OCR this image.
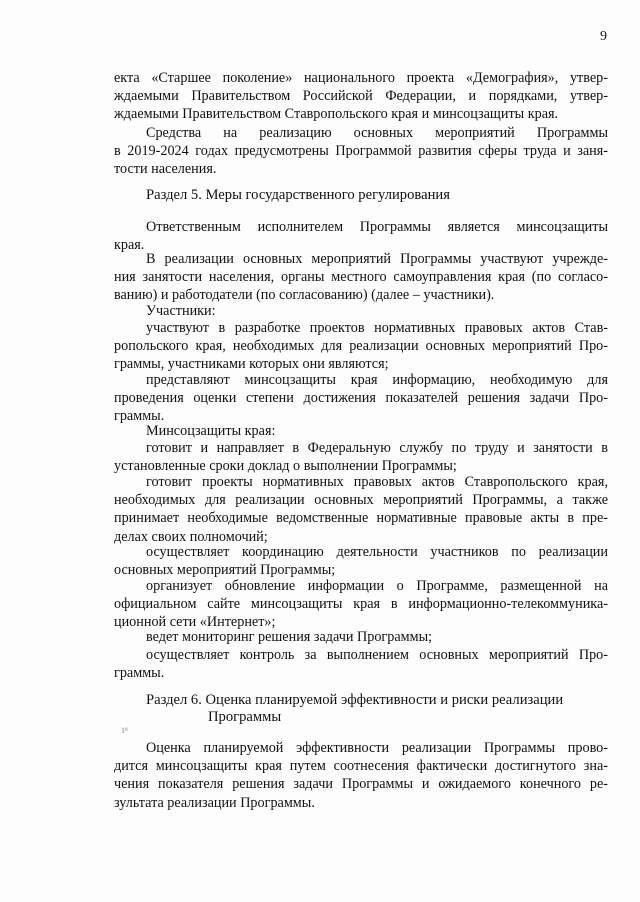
9
екта «Старшее поколение» национального проекта «Демография», утвер-
ждаемыми Правительством Российской Федерации, и порядками, утвер-
ждаемыми Правительством Ставропольского края и минсоцзащиты края.
Средства на реализацию основных мероприятий Программы
в 2019-2024 годах предусмотрены Программой развития сферы труда и заня-
тости населения.
Раздел 5. Меры государственного регулирования
Ответственным исполнителем Программы является минсоцзащиты
края.
В реализации основных мероприятий Программы участвуют учрежде-
ния занятости населения, органы местного самоуправления края (по согласо-
ванию) и работодатели (по согласованию) (далее – участники).
Участники:
участвуют в разработке проектов нормативных правовых актов Став-
ропольского края, необходимых для реализации основных мероприятий Про-
граммы, участниками которых они являются;
представляют минсоцзащиты края информацию, необходимую для
проведения оценки степени достижения показателей решения задачи Про-
граммы.
Минсоцзащиты края:
готовит и направляет в Федеральную службу по труду и занятости в
установленные сроки доклад о выполнении Программы;
готовит проекты нормативных правовых актов Ставропольского края,
необходимых для реализации основных мероприятий Программы, а также
принимает необходимые ведомственные нормативные правовые акты в пре-
делах своих полномочий;
осуществляет координацию деятельности участников по реализации
основных мероприятий Программы;
организует обновление информации о Программе, размещенной на
официальном сайте минсоцзащиты края в информационно-телекоммуника-
ционной сети «Интернет»;
ведет мониторинг решения задачи Программы;
осуществляет контроль за выполнением основных мероприятий Про-
граммы.
Раздел 6. Оценка планируемой эффективности и риски реализации
Программы
1⁸
Оценка планируемой эффективности реализации Программы прово-
дится минсоцзащиты края путем соотнесения фактически достигнутого зна-
чения показателя решения задачи Программы и ожидаемого конечного ре-
зультата реализации Программы.
